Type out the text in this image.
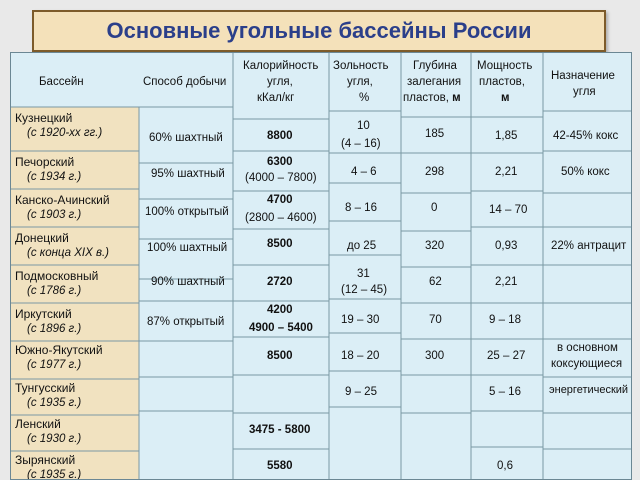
Основные угольные бассейны России
Бассейн	Способ добычи
Калорийность
угля,
кКал/кг
Зольность
угля,
%
Глубина
залегания
пластов, м
Мощность
пластов,
м
Назначение
угля
Кузнецкий
(с 1920-хх гг.)
Печорский
(с 1934 г.)
Канско-Ачинский
(с 1903 г.)
Донецкий
(с конца XIX в.)
Подмосковный
(с 1786 г.)
Иркутский
(с 1896 г.)
Южно-Якутский
(с 1977 г.)
Тунгусский
(с 1935 г.)
Ленский
(с 1930 г.)
Зырянский
(с 1935 г.)
60% шахтный
95% шахтный
100% открытый
100% шахтный
90% шахтный
87% открытый
8800
6300
(4000 – 7800)
4700
(2800 – 4600)
8500
2720
4200
4900 – 5400
8500
3475 - 5800
5580
10
(4 – 16)
4 – 6
8 – 16
до 25
31
(12 – 45)
19 – 30
18 – 20
9 – 25
185
298
0
320
62
70
300
1,85
2,21
14 – 70
0,93
2,21
9 – 18
25 – 27
5 – 16
0,6
42-45% кокс
50% кокс
22% антрацит
в основном
коксующиеся
энергетический
